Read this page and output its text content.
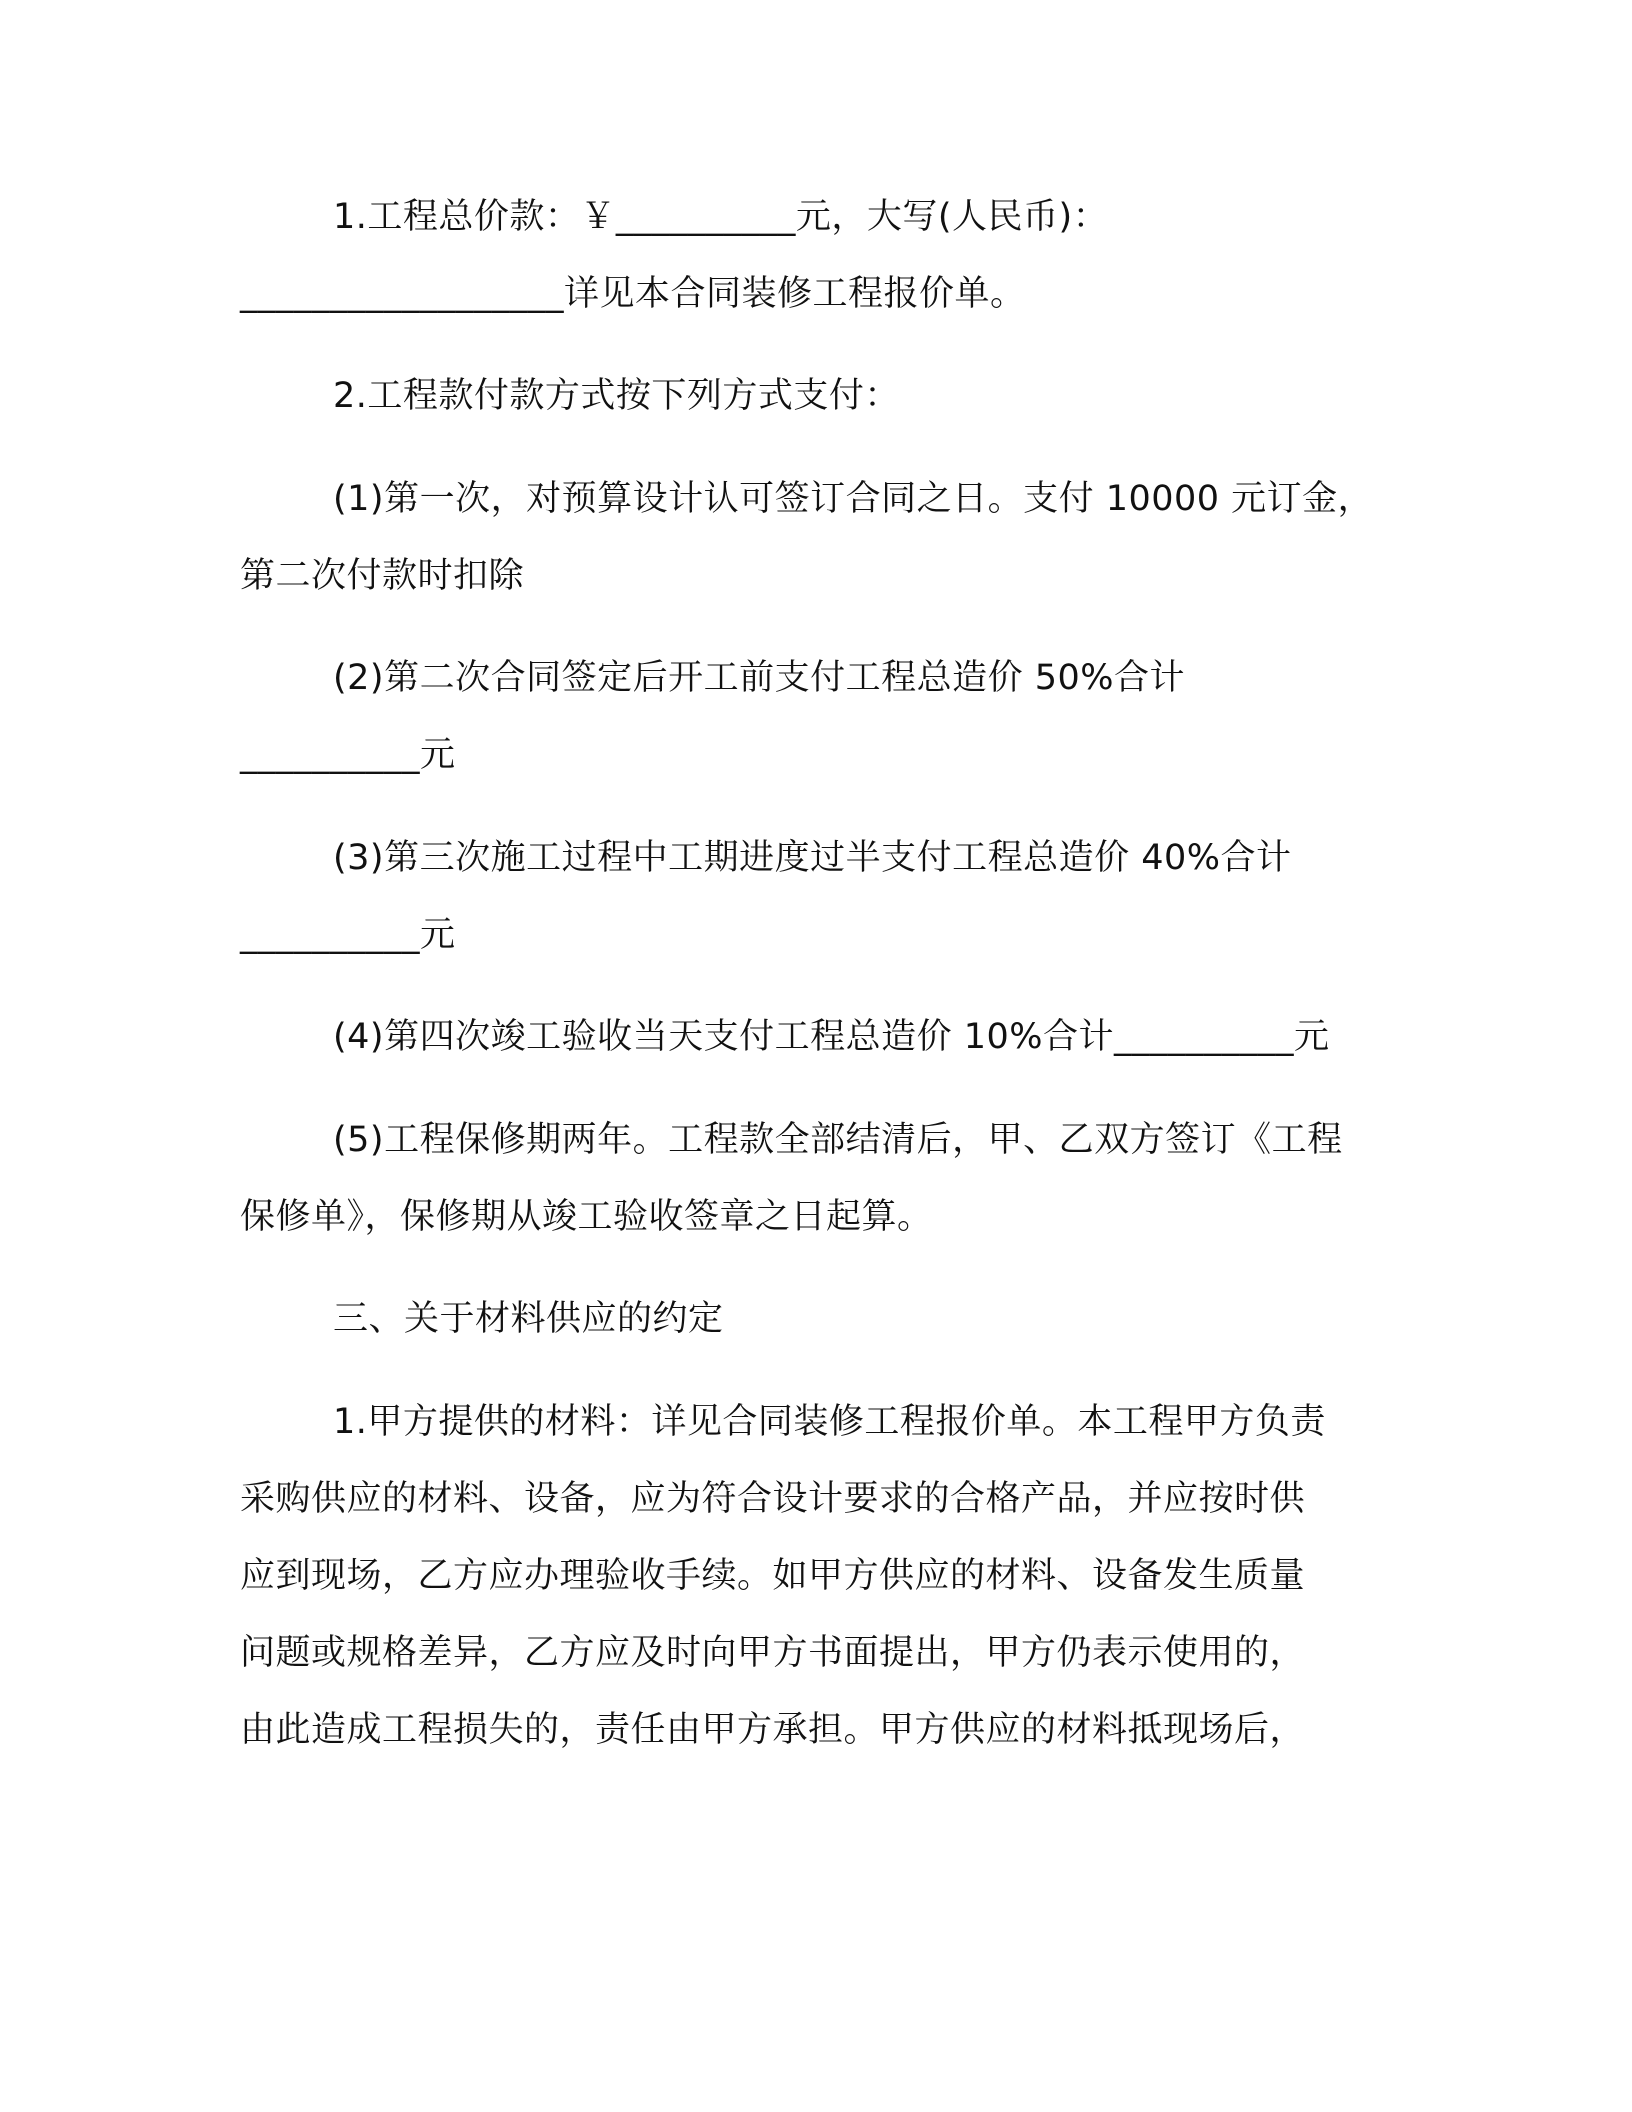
1.工程总价款：￥__________元，大写(人民币)：
__________________详见本合同装修工程报价单。
2.工程款付款方式按下列方式支付：
(1)第一次，对预算设计认可签订合同之日。支付 10000 元订金，
第二次付款时扣除
(2)第二次合同签定后开工前支付工程总造价 50%合计
__________元
(3)第三次施工过程中工期进度过半支付工程总造价 40%合计
__________元
(4)第四次竣工验收当天支付工程总造价 10%合计__________元
(5)工程保修期两年。工程款全部结清后，甲、乙双方签订《工程
保修单》，保修期从竣工验收签章之日起算。
三、关于材料供应的约定
1.甲方提供的材料：详见合同装修工程报价单。本工程甲方负责
采购供应的材料、设备，应为符合设计要求的合格产品，并应按时供
应到现场，乙方应办理验收手续。如甲方供应的材料、设备发生质量
问题或规格差异，乙方应及时向甲方书面提出，甲方仍表示使用的，
由此造成工程损失的，责任由甲方承担。甲方供应的材料抵现场后，
